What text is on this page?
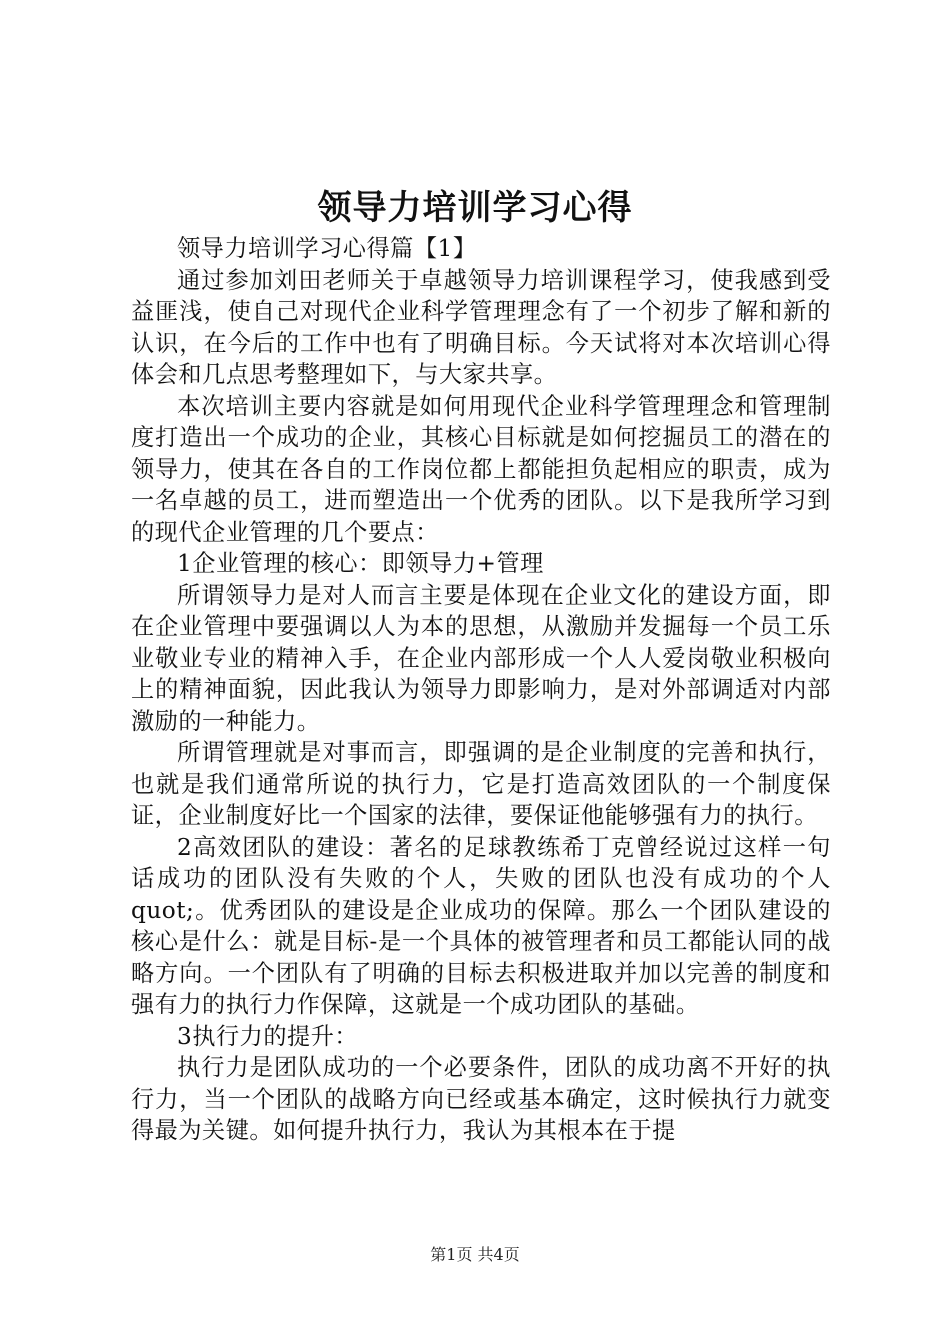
领导力培训学习心得

领导力培训学习心得篇【1】

通过参加刘田老师关于卓越领导力培训课程学习，使我感到受益匪浅，使自己对现代企业科学管理理念有了一个初步了解和新的认识，在今后的工作中也有了明确目标。今天试将对本次培训心得体会和几点思考整理如下，与大家共享。

本次培训主要内容就是如何用现代企业科学管理理念和管理制度打造出一个成功的企业，其核心目标就是如何挖掘员工的潜在的领导力，使其在各自的工作岗位都上都能担负起相应的职责，成为一名卓越的员工，进而塑造出一个优秀的团队。以下是我所学习到的现代企业管理的几个要点：

1企业管理的核心：即领导力+管理

所谓领导力是对人而言主要是体现在企业文化的建设方面，即在企业管理中要强调以人为本的思想，从激励并发掘每一个员工乐业敬业专业的精神入手，在企业内部形成一个人人爱岗敬业积极向上的精神面貌，因此我认为领导力即影响力，是对外部调适对内部激励的一种能力。

所谓管理就是对事而言，即强调的是企业制度的完善和执行，也就是我们通常所说的执行力，它是打造高效团队的一个制度保证，企业制度好比一个国家的法律，要保证他能够强有力的执行。

2高效团队的建设：著名的足球教练希丁克曾经说过这样一句话成功的团队没有失败的个人，失败的团队也没有成功的个人quot;。优秀团队的建设是企业成功的保障。那么一个团队建设的核心是什么：就是目标-是一个具体的被管理者和员工都能认同的战略方向。一个团队有了明确的目标去积极进取并加以完善的制度和强有力的执行力作保障，这就是一个成功团队的基础。

3执行力的提升：

执行力是团队成功的一个必要条件，团队的成功离不开好的执行力，当一个团队的战略方向已经或基本确定，这时候执行力就变得最为关键。如何提升执行力，我认为其根本在于提

第1页 共4页
